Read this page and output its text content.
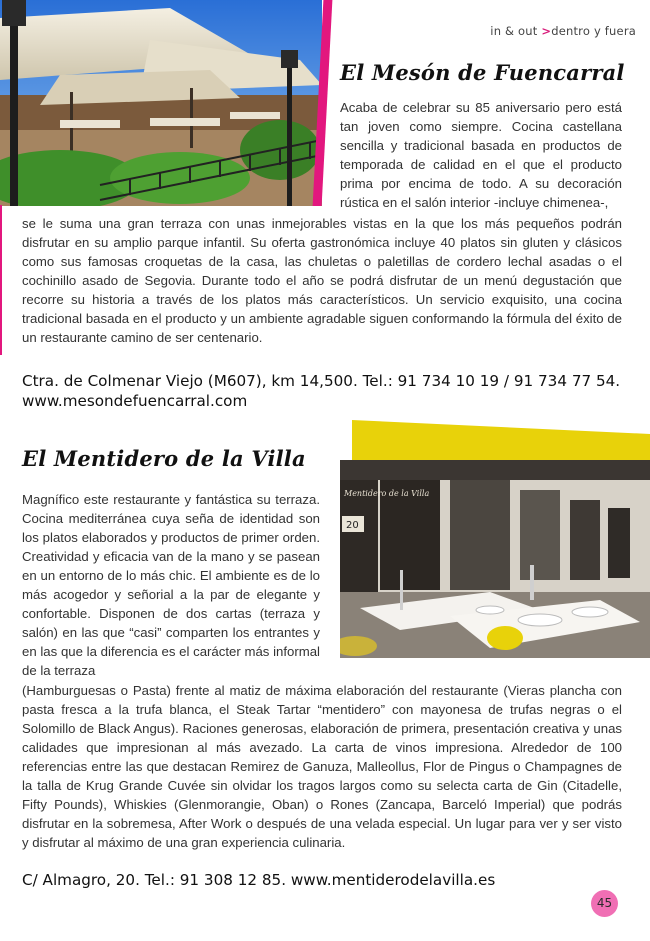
in & out >dentro y fuera
El Mesón de Fuencarral
Acaba de celebrar su 85 aniversario pero está tan joven como siempre. Cocina castellana sencilla y tradicional basada en productos de temporada de calidad en el que el producto prima por encima de todo. A su decoración rústica en el salón interior -incluye chimenea-,
se le suma una gran terraza con unas inmejorables vistas en la que los más pequeños podrán disfrutar en su amplio parque infantil. Su oferta gastronómica incluye 40 platos sin gluten y clásicos como sus famosas croquetas de la casa, las chuletas o paletillas de cordero lechal asadas o el cochinillo asado de Segovia. Durante todo el año se podrá disfrutar de un menú degustación que recorre su historia a través de los platos más característicos. Un servicio exquisito, una cocina tradicional basada en el producto y un ambiente agradable siguen conformando la fórmula del éxito de un restaurante camino de ser centenario.
Ctra. de Colmenar Viejo (M607), km 14,500. Tel.: 91 734 10 19 / 91 734 77 54.
www.mesondefuencarral.com
El Mentidero de la Villa
Mentidero de la Villa
20
Magnífico este restaurante y fantástica su terraza. Cocina mediterránea cuya seña de identidad son los platos elaborados y productos de primer orden. Creatividad y eficacia van de la mano y se pasean en un entorno de lo más chic. El ambiente es de lo más acogedor y señorial a la par de elegante y confortable. Disponen de dos cartas (terraza y salón) en las que “casi” comparten los entrantes y en las que la diferencia es el carácter más informal de la terraza
(Hamburguesas o Pasta) frente al matiz de máxima elaboración del restaurante (Vieras plancha con pasta fresca a la trufa blanca, el Steak Tartar “mentidero” con mayonesa de trufas negras o el Solomillo de Black Angus). Raciones generosas, elaboración de primera, presentación creativa y unas calidades que impresionan al más avezado. La carta de vinos impresiona. Alrededor de 100 referencias entre las que destacan Remirez de Ganuza, Malleollus, Flor de Pingus o Champagnes de la talla de Krug Grande Cuvée sin olvidar los tragos largos como su selecta carta de Gin (Citadelle, Fifty Pounds), Whiskies (Glenmorangie, Oban) o Rones (Zancapa, Barceló Imperial) que podrás disfrutar en la sobremesa, After Work o después de una velada especial. Un lugar para ver y ser visto y disfrutar al máximo de una gran experiencia culinaria.
C/ Almagro, 20. Tel.: 91 308 12 85. www.mentiderodelavilla.es
45
